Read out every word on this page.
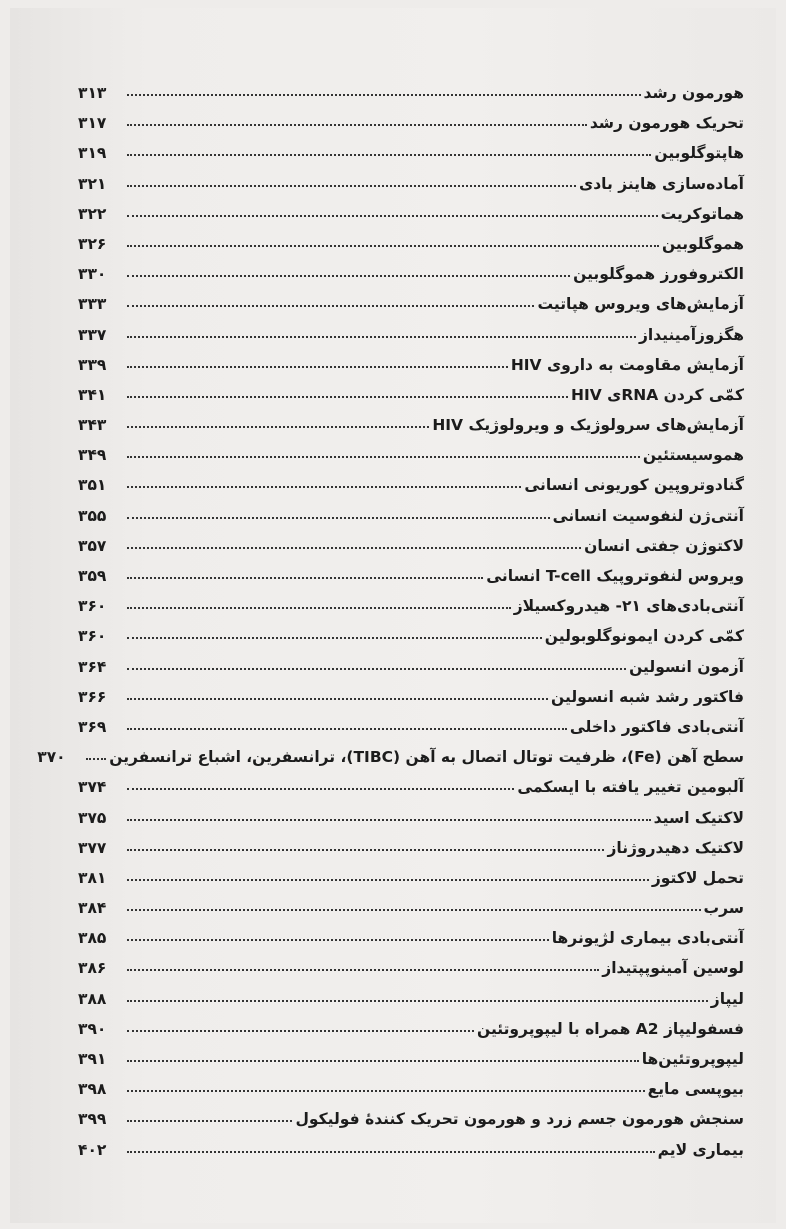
هورمون رشد
۳۱۳
تحریک هورمون رشد
۳۱۷
هاپتوگلوبین
۳۱۹
آماده‌سازی هاینز بادی
۳۲۱
هماتوکریت
۳۲۲
هموگلوبین
۳۲۶
الکتروفورز هموگلوبین
۳۳۰
آزمایش‌های ویروس هپاتیت
۳۳۳
هگزوزآمینیداز
۳۳۷
آزمایش مقاومت به داروی HIV
۳۳۹
کمّی کردن RNA‌ی HIV
۳۴۱
آزمایش‌های سرولوژیک و ویرولوژیک HIV
۳۴۳
هموسیستئین
۳۴۹
گنادوتروپین کوریونی انسانی
۳۵۱
آنتی‌ژن لنفوسیت انسانی
۳۵۵
لاکتوژن جفتی انسان
۳۵۷
ویروس لنفوتروپیک T-cell انسانی
۳۵۹
آنتی‌بادی‌های ۲۱- هیدروکسیلاز
۳۶۰
کمّی کردن ایمونوگلوبولین
۳۶۰
آزمون انسولین
۳۶۴
فاکتور رشد شبه انسولین
۳۶۶
آنتی‌بادی فاکتور داخلی
۳۶۹
سطح آهن (Fe)، ظرفیت توتال اتصال به آهن (TIBC)، ترانسفرین، اشباع ترانسفرین
۳۷۰
آلبومین تغییر یافته با ایسکمی
۳۷۴
لاکتیک اسید
۳۷۵
لاکتیک دهیدروژناز
۳۷۷
تحمل لاکتوز
۳۸۱
سرب
۳۸۴
آنتی‌بادی بیماری لژیونرها
۳۸۵
لوسین آمینوپپتیداز
۳۸۶
لیپاز
۳۸۸
فسفولیپاز A2 همراه با لیپوپروتئین
۳۹۰
لیپوپروتئین‌ها
۳۹۱
بیوپسی مایع
۳۹۸
سنجش هورمون جسم زرد و هورمون تحریک کنندهٔ فولیکول
۳۹۹
بیماری لایم
۴۰۲
